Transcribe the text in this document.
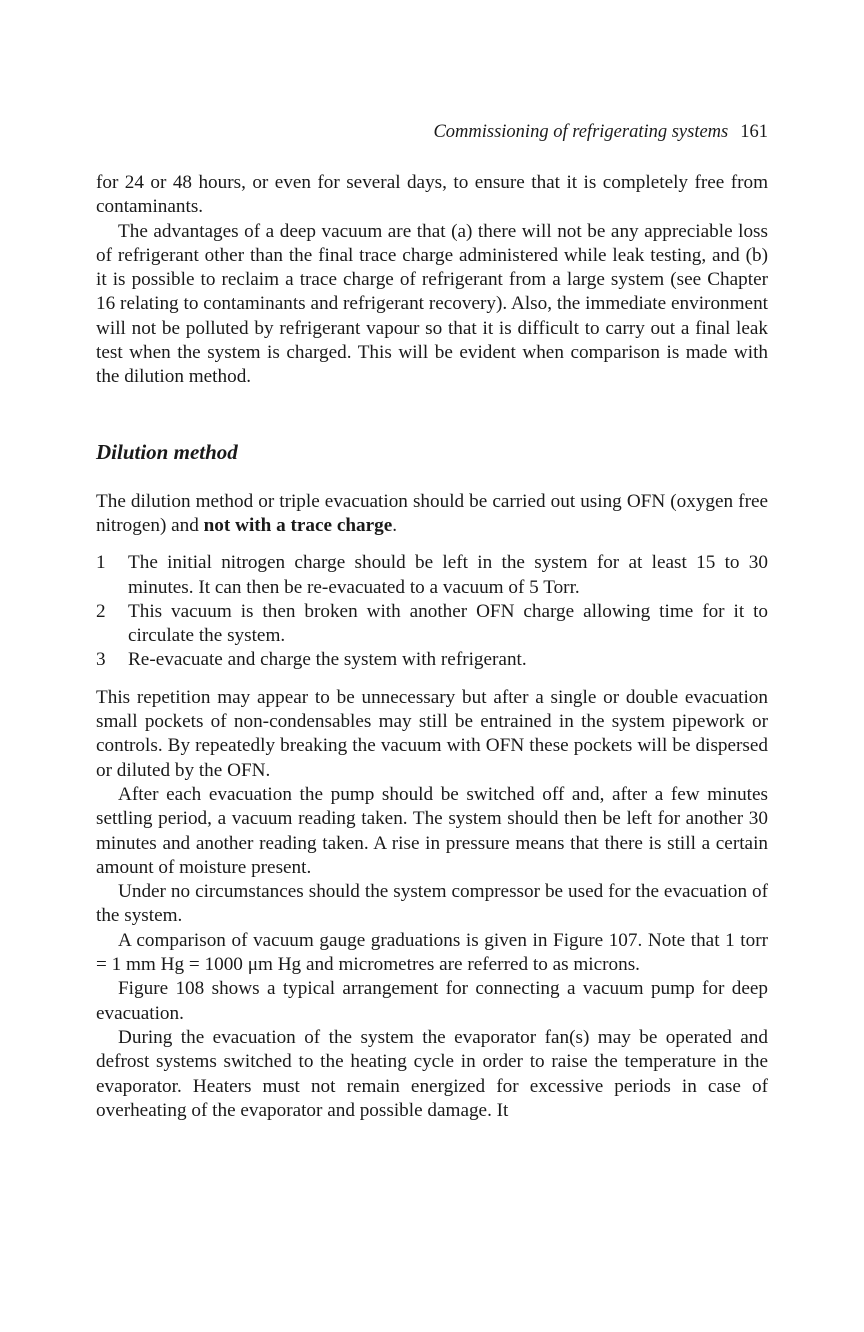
Commissioning of refrigerating systems 161

for 24 or 48 hours, or even for several days, to ensure that it is completely free from contaminants.

The advantages of a deep vacuum are that (a) there will not be any appreciable loss of refrigerant other than the final trace charge administered while leak testing, and (b) it is possible to reclaim a trace charge of refrigerant from a large system (see Chapter 16 relating to contaminants and refrigerant recovery). Also, the immediate environment will not be polluted by refrigerant vapour so that it is difficult to carry out a final leak test when the system is charged. This will be evident when comparison is made with the dilution method.

Dilution method

The dilution method or triple evacuation should be carried out using OFN (oxygen free nitrogen) and not with a trace charge.

1	The initial nitrogen charge should be left in the system for at least 15 to 30 minutes. It can then be re-evacuated to a vacuum of 5 Torr.
2	This vacuum is then broken with another OFN charge allowing time for it to circulate the system.
3	Re-evacuate and charge the system with refrigerant.

This repetition may appear to be unnecessary but after a single or double evacuation small pockets of non-condensables may still be entrained in the system pipework or controls. By repeatedly breaking the vacuum with OFN these pockets will be dispersed or diluted by the OFN.

After each evacuation the pump should be switched off and, after a few minutes settling period, a vacuum reading taken. The system should then be left for another 30 minutes and another reading taken. A rise in pressure means that there is still a certain amount of moisture present.

Under no circumstances should the system compressor be used for the evacuation of the system.

A comparison of vacuum gauge graduations is given in Figure 107. Note that 1 torr = 1 mm Hg = 1000 μm Hg and micrometres are referred to as microns.

Figure 108 shows a typical arrangement for connecting a vacuum pump for deep evacuation.

During the evacuation of the system the evaporator fan(s) may be operated and defrost systems switched to the heating cycle in order to raise the temperature in the evaporator. Heaters must not remain energized for excessive periods in case of overheating of the evaporator and possible damage. It
